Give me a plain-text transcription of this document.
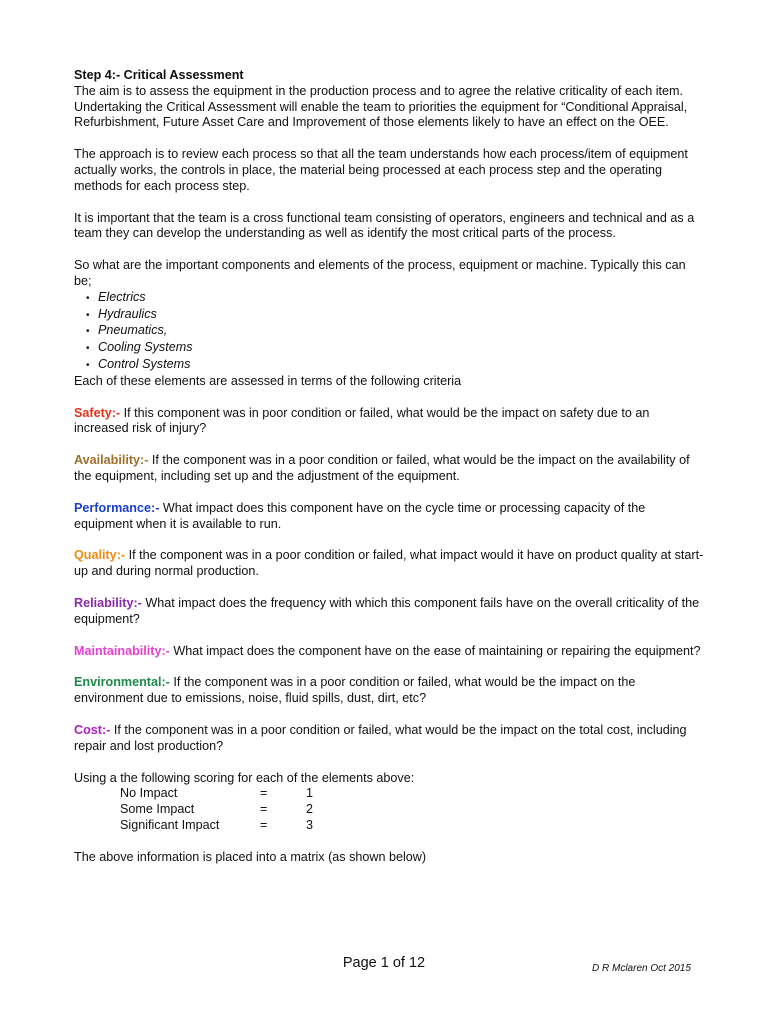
Step 4:- Critical Assessment

The aim is to assess the equipment in the production process and to agree the relative criticality of each item. Undertaking the Critical Assessment will enable the team to priorities the equipment for “Conditional Appraisal, Refurbishment, Future Asset Care and Improvement of those elements likely to have an effect on the OEE.

The approach is to review each process so that all the team understands how each process/item of equipment actually works, the controls in place, the material being processed at each process step and the operating methods for each process step.

It is important that the team is a cross functional team consisting of operators, engineers and technical and as a team they can develop the understanding as well as identify the most critical parts of the process.

So what are the important components and elements of the process, equipment or machine. Typically this can be;

• Electrics
• Hydraulics
• Pneumatics,
• Cooling Systems
• Control Systems

Each of these elements are assessed in terms of the following criteria

Safety:- If this component was in poor condition or failed, what would be the impact on safety due to an increased risk of injury?

Availability:- If the component was in a poor condition or failed, what would be the impact on the availability of the equipment, including set up and the adjustment of the equipment.

Performance:- What impact does this component have on the cycle time or processing capacity of the equipment when it is available to run.

Quality:- If the component was in a poor condition or failed, what impact would it have on product quality at start-up and during normal production.

Reliability:- What impact does the frequency with which this component fails have on the overall criticality of the equipment?

Maintainability:- What impact does the component have on the ease of maintaining or repairing the equipment?

Environmental:- If the component was in a poor condition or failed, what would be the impact on the environment due to emissions, noise, fluid spills, dust, dirt, etc?

Cost:- If the component was in a poor condition or failed, what would be the impact on the total cost, including repair and lost production?

Using a the following scoring for each of the elements above:

No Impact	=	1
Some Impact	=	2
Significant Impact	=	3

The above information is placed into a matrix (as shown below)

Page 1 of 12	D R Mclaren Oct 2015
